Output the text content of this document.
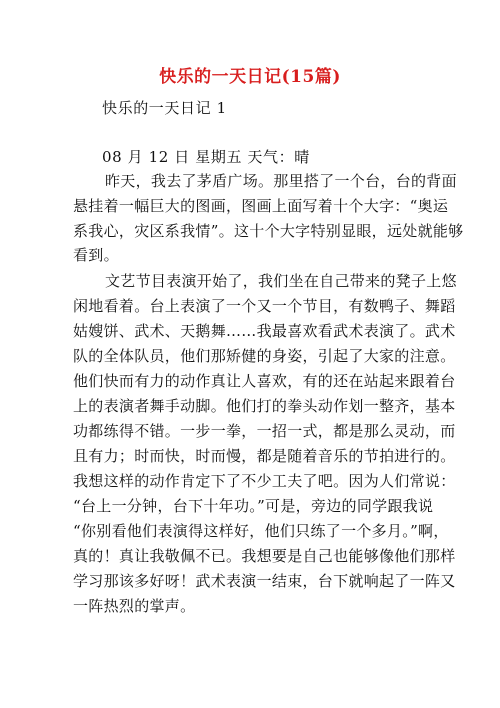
快乐的一天日记(15篇)
快乐的一天日记 1
08 月 12 日 星期五 天气：晴
昨天，我去了茅盾广场。那里搭了一个台，台的背面
悬挂着一幅巨大的图画，图画上面写着十个大字：“奥运
系我心，灾区系我情”。这十个大字特别显眼，远处就能够
看到。
文艺节目表演开始了，我们坐在自己带来的凳子上悠
闲地看着。台上表演了一个又一个节目，有数鸭子、舞蹈
姑嫂饼、武术、天鹅舞……我最喜欢看武术表演了。武术
队的全体队员，他们那矫健的身姿，引起了大家的注意。
他们快而有力的动作真让人喜欢，有的还在站起来跟着台
上的表演者舞手动脚。他们打的拳头动作划一整齐，基本
功都练得不错。一步一拳，一招一式，都是那么灵动，而
且有力；时而快，时而慢，都是随着音乐的节拍进行的。
我想这样的动作肯定下了不少工夫了吧。因为人们常说：
“台上一分钟，台下十年功。”可是，旁边的同学跟我说
“你别看他们表演得这样好，他们只练了一个多月。”啊，
真的！真让我敬佩不已。我想要是自己也能够像他们那样
学习那该多好呀！武术表演一结束，台下就响起了一阵又
一阵热烈的掌声。
